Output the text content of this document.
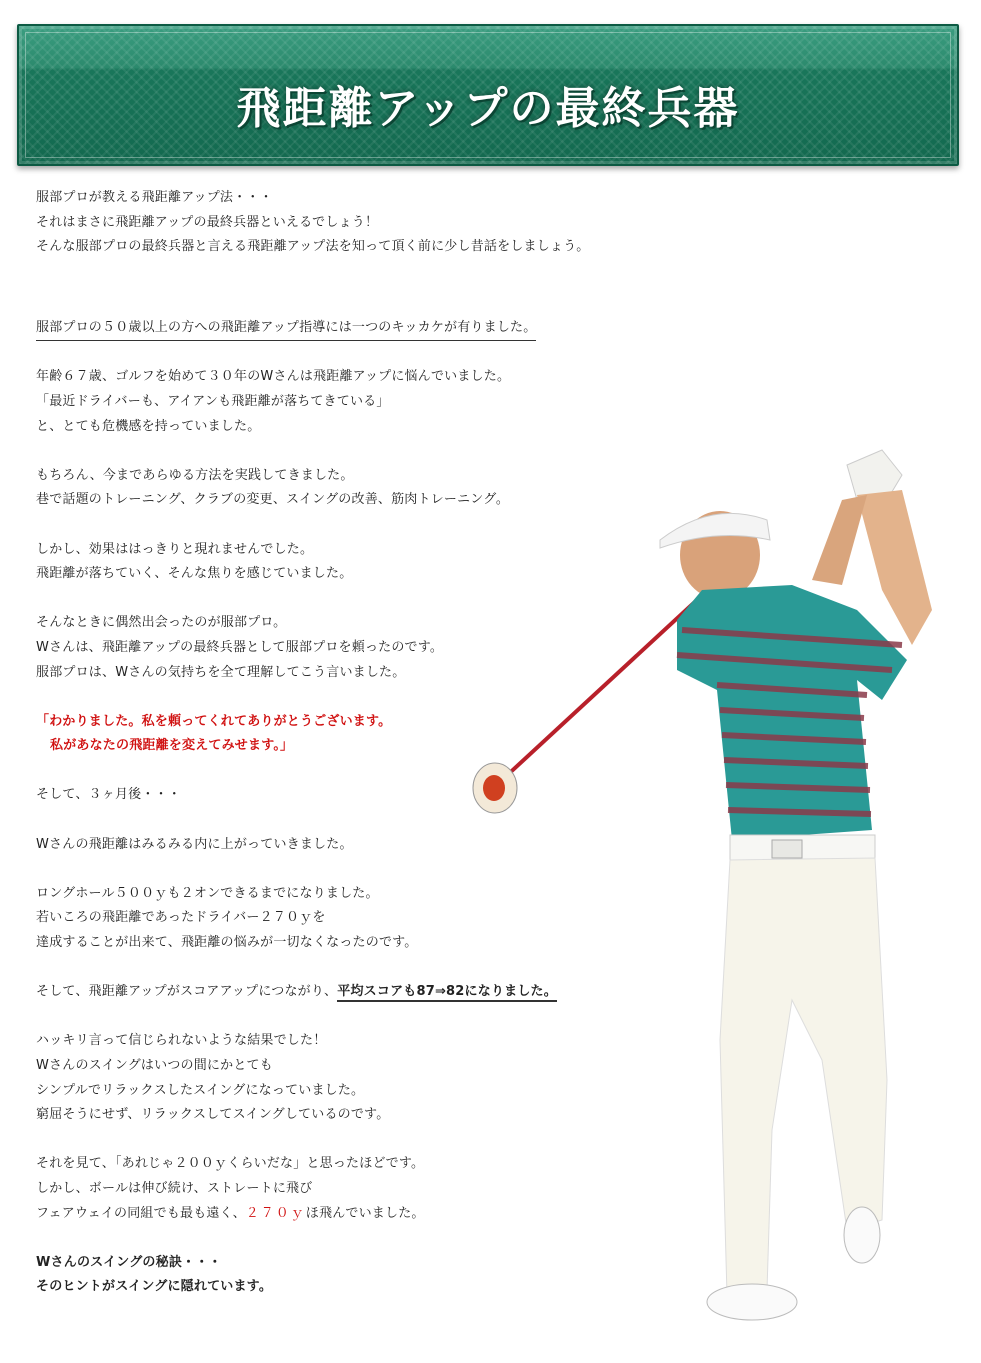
飛距離アップの最終兵器
服部プロが教える飛距離アップ法・・・
それはまさに飛距離アップの最終兵器といえるでしょう！
そんな服部プロの最終兵器と言える飛距離アップ法を知って頂く前に少し昔話をしましょう。
服部プロの５０歳以上の方への飛距離アップ指導には一つのキッカケが有りました。
年齢６７歳、ゴルフを始めて３０年のWさんは飛距離アップに悩んでいました。
「最近ドライバーも、アイアンも飛距離が落ちてきている」
と、とても危機感を持っていました。
もちろん、今まであらゆる方法を実践してきました。
巷で話題のトレーニング、クラブの変更、スイングの改善、筋肉トレーニング。
しかし、効果ははっきりと現れませんでした。
飛距離が落ちていく、そんな焦りを感じていました。
そんなときに偶然出会ったのが服部プロ。
Wさんは、飛距離アップの最終兵器として服部プロを頼ったのです。
服部プロは、Wさんの気持ちを全て理解してこう言いました。
「わかりました。私を頼ってくれてありがとうございます。
私があなたの飛距離を変えてみせます。」
そして、３ヶ月後・・・
Wさんの飛距離はみるみる内に上がっていきました。
ロングホール５００ｙも２オンできるまでになりました。
若いころの飛距離であったドライバー２７０ｙを
達成することが出来て、飛距離の悩みが一切なくなったのです。
そして、飛距離アップがスコアアップにつながり、平均スコアも87⇒82になりました。
ハッキリ言って信じられないような結果でした！
Wさんのスイングはいつの間にかとても
シンプルでリラックスしたスイングになっていました。
窮屈そうにせず、リラックスしてスイングしているのです。
それを見て、「あれじゃ２００ｙくらいだな」と思ったほどです。
しかし、ボールは伸び続け、ストレートに飛び
フェアウェイの同組でも最も遠く、２７０ｙほ飛んでいました。
Wさんのスイングの秘訣・・・
そのヒントがスイングに隠れています。
